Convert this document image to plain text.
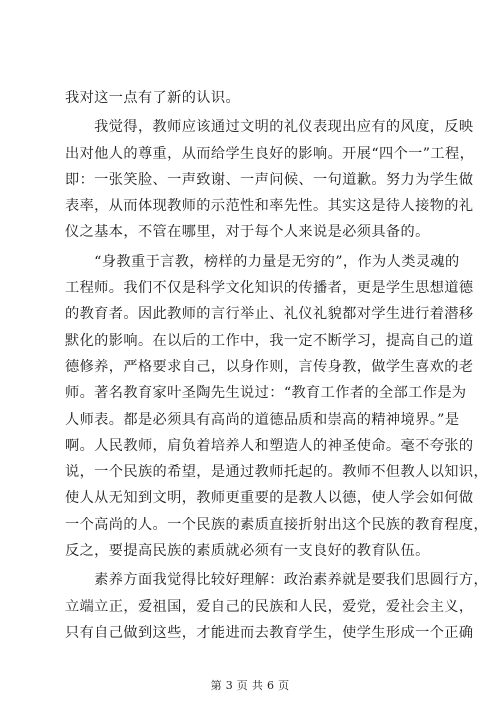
我对这一点有了新的认识。
　　我觉得，教师应该通过文明的礼仪表现出应有的风度，反映
出对他人的尊重，从而给学生良好的影响。开展“四个一”工程，
即：一张笑脸、一声致谢、一声问候、一句道歉。努力为学生做
表率，从而体现教师的示范性和率先性。其实这是待人接物的礼
仪之基本，不管在哪里，对于每个人来说是必须具备的。
　　“身教重于言教，榜样的力量是无穷的”，作为人类灵魂的
工程师。我们不仅是科学文化知识的传播者，更是学生思想道德
的教育者。因此教师的言行举止、礼仪礼貌都对学生进行着潜移
默化的影响。在以后的工作中，我一定不断学习，提高自己的道
德修养，严格要求自己，以身作则，言传身教，做学生喜欢的老
师。著名教育家叶圣陶先生说过：“教育工作者的全部工作是为
人师表。都是必须具有高尚的道德品质和崇高的精神境界。”是
啊。人民教师，肩负着培养人和塑造人的神圣使命。毫不夸张的
说，一个民族的希望，是通过教师托起的。教师不但教人以知识，
使人从无知到文明，教师更重要的是教人以德，使人学会如何做
一个高尚的人。一个民族的素质直接折射出这个民族的教育程度，
反之，要提高民族的素质就必须有一支良好的教育队伍。
　　素养方面我觉得比较好理解：政治素养就是要我们思圆行方，
立端立正，爱祖国，爱自己的民族和人民，爱党，爱社会主义，
只有自己做到这些，才能进而去教育学生，使学生形成一个正确
第 3 页 共 6 页
